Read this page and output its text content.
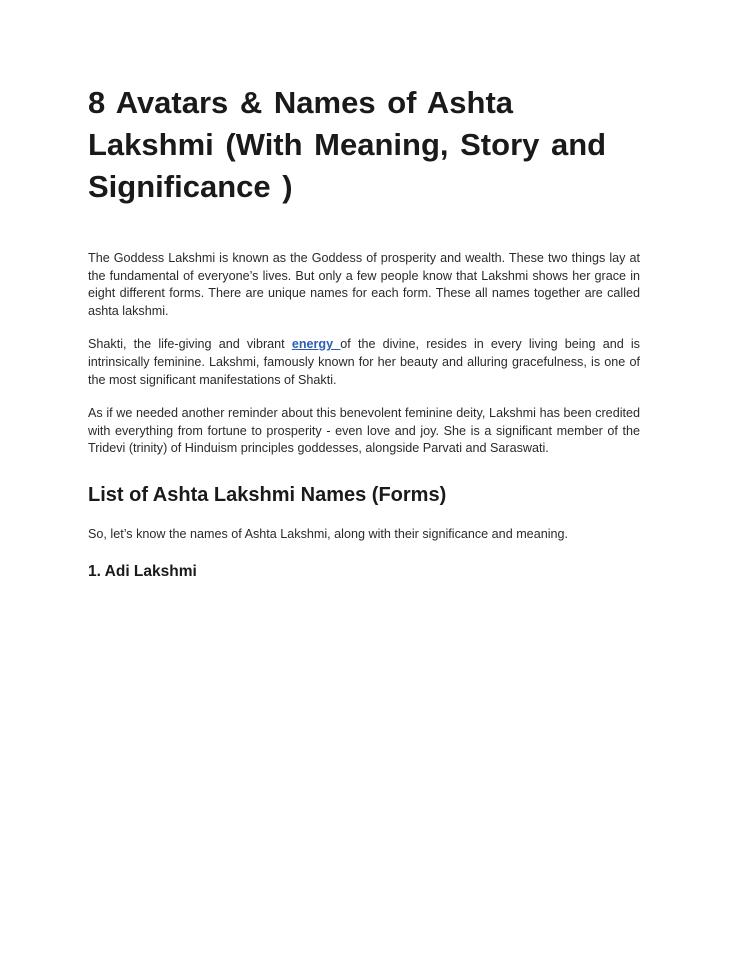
8 Avatars & Names of Ashta Lakshmi (With Meaning, Story and Significance )

The Goddess Lakshmi is known as the Goddess of prosperity and wealth. These two things lay at the fundamental of everyone’s lives. But only a few people know that Lakshmi shows her grace in eight different forms. There are unique names for each form. These all names together are called ashta lakshmi.

Shakti, the life-giving and vibrant energy of the divine, resides in every living being and is intrinsically feminine. Lakshmi, famously known for her beauty and alluring gracefulness, is one of the most significant manifestations of Shakti.

As if we needed another reminder about this benevolent feminine deity, Lakshmi has been credited with everything from fortune to prosperity - even love and joy. She is a significant member of the Tridevi (trinity) of Hinduism principles goddesses, alongside Parvati and Saraswati.

List of Ashta Lakshmi Names (Forms)

So, let’s know the names of Ashta Lakshmi, along with their significance and meaning.

1. Adi Lakshmi
